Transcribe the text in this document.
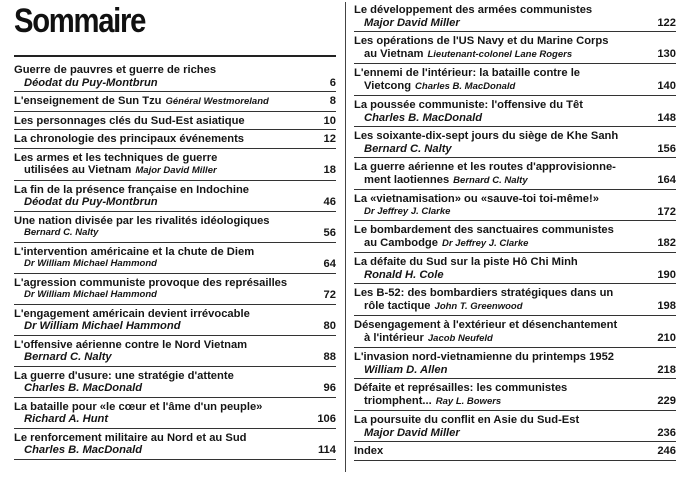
Sommaire
Guerre de pauvres et guerre de riches
Déodat du Puy-Montbrun	6
L'enseignement de Sun Tzu Général Westmoreland	8
Les personnages clés du Sud-Est asiatique	10
La chronologie des principaux événements	12
Les armes et les techniques de guerre
utilisées au Vietnam Major David Miller	18
La fin de la présence française en Indochine
Déodat du Puy-Montbrun	46
Une nation divisée par les rivalités idéologiques
Bernard C. Nalty	56
L'intervention américaine et la chute de Diem
Dr William Michael Hammond	64
L'agression communiste provoque des représailles
Dr William Michael Hammond	72
L'engagement américain devient irrévocable
Dr William Michael Hammond	80
L'offensive aérienne contre le Nord Vietnam
Bernard C. Nalty	88
La guerre d'usure: une stratégie d'attente
Charles B. MacDonald	96
La bataille pour «le cœur et l'âme d'un peuple»
Richard A. Hunt	106
Le renforcement militaire au Nord et au Sud
Charles B. MacDonald	114
Le développement des armées communistes
Major David Miller	122
Les opérations de l'US Navy et du Marine Corps
au Vietnam Lieutenant-colonel Lane Rogers	130
L'ennemi de l'intérieur: la bataille contre le
Vietcong Charles B. MacDonald	140
La poussée communiste: l'offensive du Têt
Charles B. MacDonald	148
Les soixante-dix-sept jours du siège de Khe Sanh
Bernard C. Nalty	156
La guerre aérienne et les routes d'approvisionne-
ment laotiennes Bernard C. Nalty	164
La «vietnamisation» ou «sauve-toi toi-même!»
Dr Jeffrey J. Clarke	172
Le bombardement des sanctuaires communistes
au Cambodge Dr Jeffrey J. Clarke	182
La défaite du Sud sur la piste Hô Chi Minh
Ronald H. Cole	190
Les B-52: des bombardiers stratégiques dans un
rôle tactique John T. Greenwood	198
Désengagement à l'extérieur et désenchantement
à l'intérieur Jacob Neufeld	210
L'invasion nord-vietnamienne du printemps 1952
William D. Allen	218
Défaite et représailles: les communistes
triomphent... Ray L. Bowers	229
La poursuite du conflit en Asie du Sud-Est
Major David Miller	236
Index	246
